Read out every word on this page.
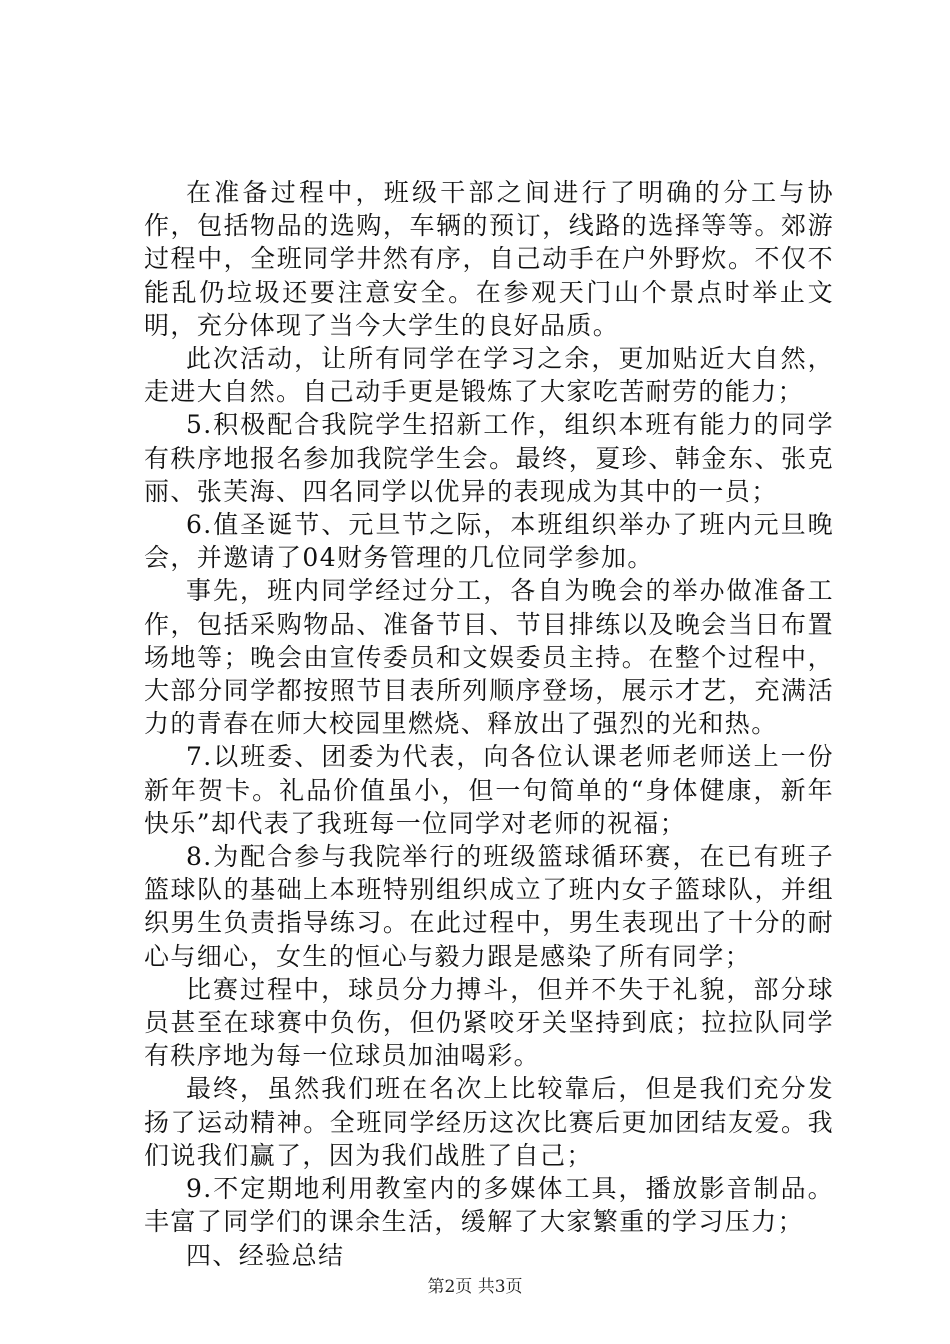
在准备过程中，班级干部之间进行了明确的分工与协作，包括物品的选购，车辆的预订，线路的选择等等。郊游过程中，全班同学井然有序，自己动手在户外野炊。不仅不能乱仍垃圾还要注意安全。在参观天门山个景点时举止文明，充分体现了当今大学生的良好品质。

此次活动，让所有同学在学习之余，更加贴近大自然，走进大自然。自己动手更是锻炼了大家吃苦耐劳的能力；

5.积极配合我院学生招新工作，组织本班有能力的同学有秩序地报名参加我院学生会。最终，夏珍、韩金东、张克丽、张芙海、四名同学以优异的表现成为其中的一员；

6.值圣诞节、元旦节之际，本班组织举办了班内元旦晚会，并邀请了04财务管理的几位同学参加。

事先，班内同学经过分工，各自为晚会的举办做准备工作，包括采购物品、准备节目、节目排练以及晚会当日布置场地等；晚会由宣传委员和文娱委员主持。在整个过程中，大部分同学都按照节目表所列顺序登场，展示才艺，充满活力的青春在师大校园里燃烧、释放出了强烈的光和热。

7.以班委、团委为代表，向各位认课老师老师送上一份新年贺卡。礼品价值虽小，但一句简单的“身体健康，新年快乐”却代表了我班每一位同学对老师的祝福；

8.为配合参与我院举行的班级篮球循环赛，在已有班子篮球队的基础上本班特别组织成立了班内女子篮球队，并组织男生负责指导练习。在此过程中，男生表现出了十分的耐心与细心，女生的恒心与毅力跟是感染了所有同学；

比赛过程中，球员分力搏斗，但并不失于礼貌，部分球员甚至在球赛中负伤，但仍紧咬牙关坚持到底；拉拉队同学有秩序地为每一位球员加油喝彩。

最终，虽然我们班在名次上比较靠后，但是我们充分发扬了运动精神。全班同学经历这次比赛后更加团结友爱。我们说我们赢了，因为我们战胜了自己；

9.不定期地利用教室内的多媒体工具，播放影音制品。丰富了同学们的课余生活，缓解了大家繁重的学习压力；

四、经验总结

第2页 共3页
